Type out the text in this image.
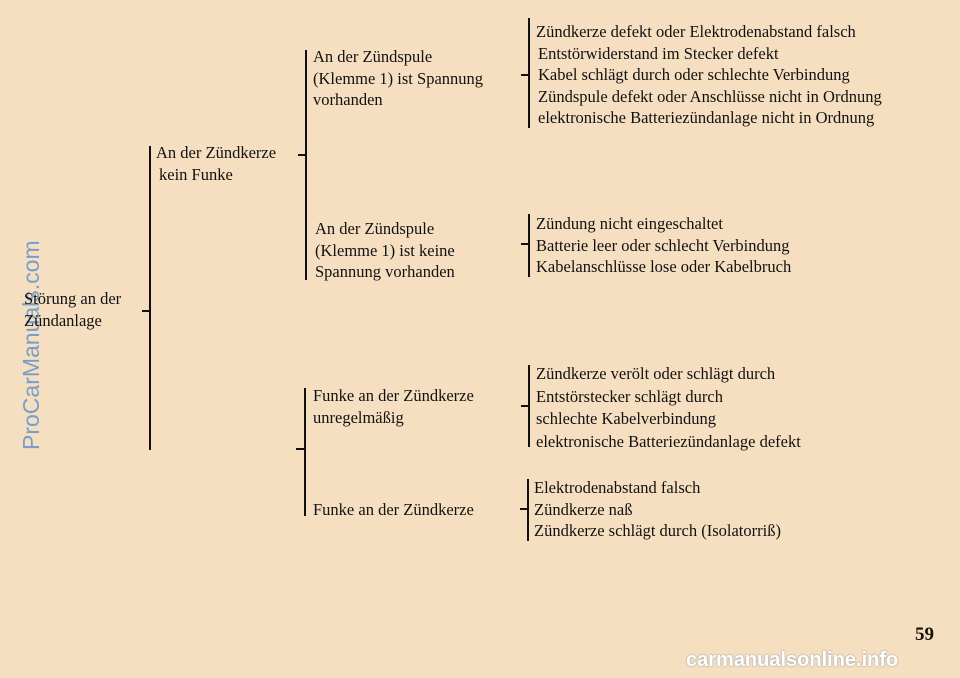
ProCarManuals.com
carmanualsonline.info
Störung an der
Zündanlage
An der Zündkerze
kein Funke
Funke an der Zündkerze
unregelmäßig
Funke an der Zündkerze
An der Zündspule
(Klemme 1) ist Spannung
vorhanden
An der Zündspule
(Klemme 1) ist keine
Spannung vorhanden
Zündkerze defekt oder Elektrodenabstand falsch
Entstörwiderstand im Stecker defekt
Kabel schlägt durch oder schlechte Verbindung
Zündspule defekt oder Anschlüsse nicht in Ordnung
elektronische Batteriezündanlage nicht in Ordnung
Zündung nicht eingeschaltet
Batterie leer oder schlecht Verbindung
Kabelanschlüsse lose oder Kabelbruch
Zündkerze verölt oder schlägt durch
Entstörstecker schlägt durch
schlechte Kabelverbindung
elektronische Batteriezündanlage defekt
Elektrodenabstand falsch
Zündkerze naß
Zündkerze schlägt durch (Isolatorriß)
59
